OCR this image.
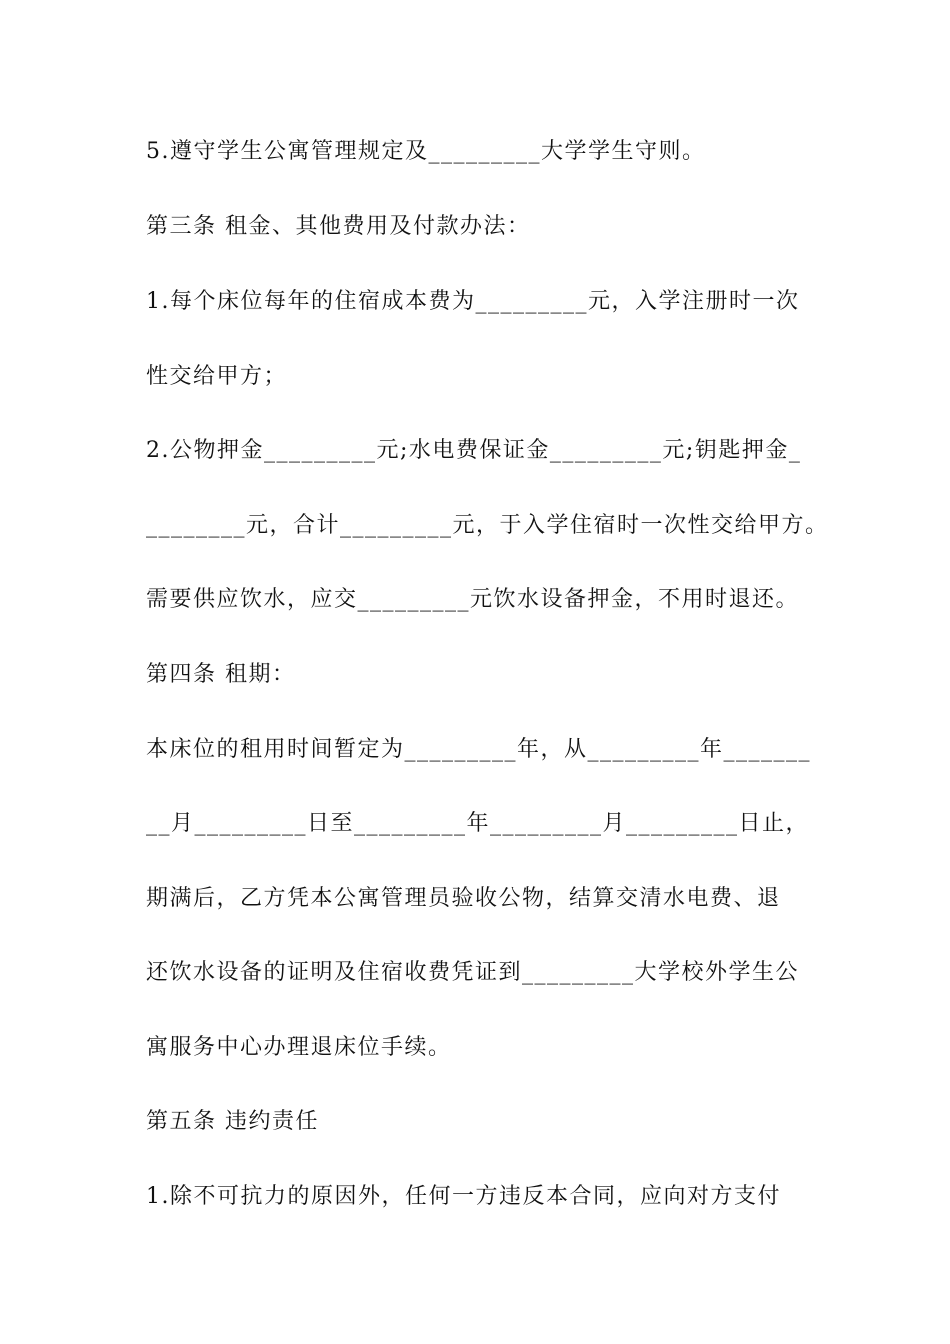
5.遵守学生公寓管理规定及_________大学学生守则。
第三条 租金、其他费用及付款办法：
1.每个床位每年的住宿成本费为_________元，入学注册时一次
性交给甲方；
2.公物押金_________元;水电费保证金_________元;钥匙押金_
________元，合计_________元，于入学住宿时一次性交给甲方。
需要供应饮水，应交_________元饮水设备押金，不用时退还。
第四条 租期：
本床位的租用时间暂定为_________年，从_________年_______
__月_________日至_________年_________月_________日止，
期满后，乙方凭本公寓管理员验收公物，结算交清水电费、退
还饮水设备的证明及住宿收费凭证到_________大学校外学生公
寓服务中心办理退床位手续。
第五条 违约责任
1.除不可抗力的原因外，任何一方违反本合同，应向对方支付
